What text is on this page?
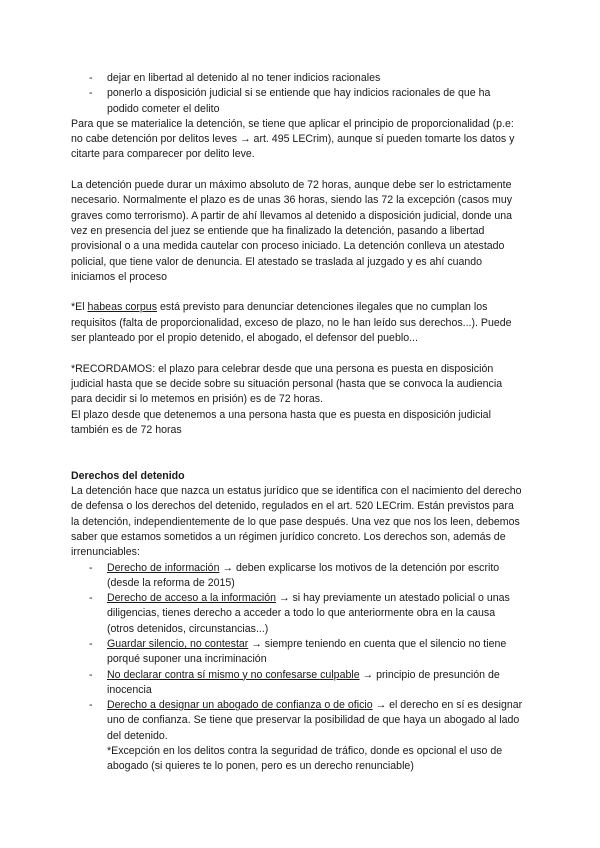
- dejar en libertad al detenido al no tener indicios racionales
- ponerlo a disposición judicial si se entiende que hay indicios racionales de que ha podido cometer el delito

Para que se materialice la detención, se tiene que aplicar el principio de proporcionalidad (p.e: no cabe detención por delitos leves → art. 495 LECrim), aunque sí pueden tomarte los datos y citarte para comparecer por delito leve.

La detención puede durar un máximo absoluto de 72 horas, aunque debe ser lo estrictamente necesario. Normalmente el plazo es de unas 36 horas, siendo las 72 la excepción (casos muy graves como terrorismo). A partir de ahí llevamos al detenido a disposición judicial, donde una vez en presencia del juez se entiende que ha finalizado la detención, pasando a libertad provisional o a una medida cautelar con proceso iniciado. La detención conlleva un atestado policial, que tiene valor de denuncia. El atestado se traslada al juzgado y es ahí cuando iniciamos el proceso

*El habeas corpus está previsto para denunciar detenciones ilegales que no cumplan los requisitos (falta de proporcionalidad, exceso de plazo, no le han leído sus derechos...). Puede ser planteado por el propio detenido, el abogado, el defensor del pueblo...

*RECORDAMOS: el plazo para celebrar desde que una persona es puesta en disposición judicial hasta que se decide sobre su situación personal (hasta que se convoca la audiencia para decidir si lo metemos en prisión) es de 72 horas.

El plazo desde que detenemos a una persona hasta que es puesta en disposición judicial también es de 72 horas

Derechos del detenido

La detención hace que nazca un estatus jurídico que se identifica con el nacimiento del derecho de defensa o los derechos del detenido, regulados en el art. 520 LECrim. Están previstos para la detención, independientemente de lo que pase después. Una vez que nos los leen, debemos saber que estamos sometidos a un régimen jurídico concreto. Los derechos son, además de irrenunciables:

- Derecho de información → deben explicarse los motivos de la detención por escrito (desde la reforma de 2015)
- Derecho de acceso a la información → si hay previamente un atestado policial o unas diligencias, tienes derecho a acceder a todo lo que anteriormente obra en la causa (otros detenidos, circunstancias...)
- Guardar silencio, no contestar → siempre teniendo en cuenta que el silencio no tiene porqué suponer una incriminación
- No declarar contra sí mismo y no confesarse culpable → principio de presunción de inocencia
- Derecho a designar un abogado de confianza o de oficio → el derecho en sí es designar uno de confianza. Se tiene que preservar la posibilidad de que haya un abogado al lado del detenido.
*Excepción en los delitos contra la seguridad de tráfico, donde es opcional el uso de abogado (si quieres te lo ponen, pero es un derecho renunciable)
